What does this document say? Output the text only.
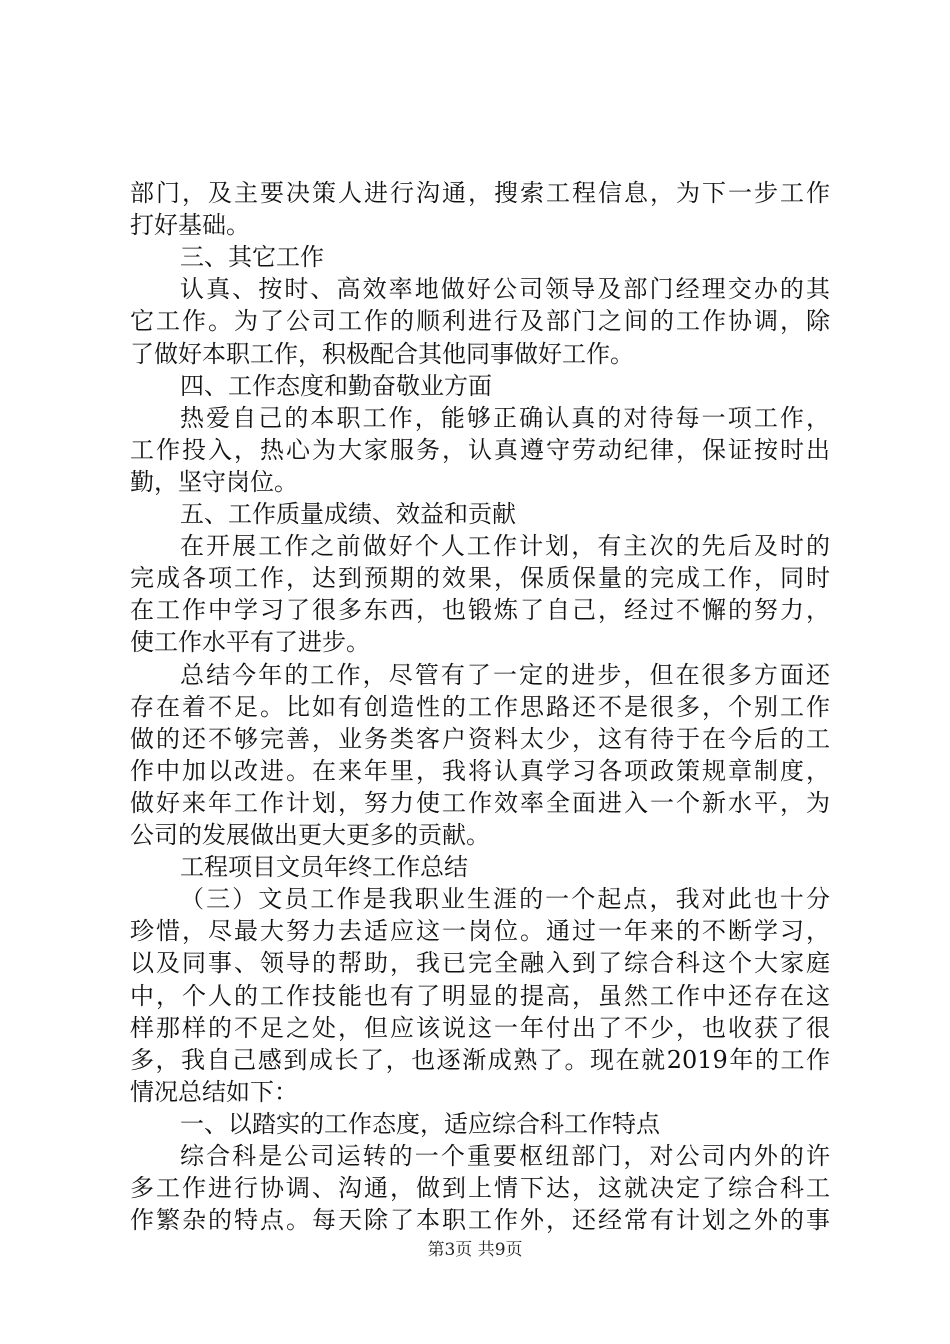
部门，及主要决策人进行沟通，搜索工程信息，为下一步工作
打好基础。
三、其它工作
认真、按时、高效率地做好公司领导及部门经理交办的其
它工作。为了公司工作的顺利进行及部门之间的工作协调，除
了做好本职工作，积极配合其他同事做好工作。
四、工作态度和勤奋敬业方面
热爱自己的本职工作，能够正确认真的对待每一项工作，
工作投入，热心为大家服务，认真遵守劳动纪律，保证按时出
勤，坚守岗位。
五、工作质量成绩、效益和贡献
在开展工作之前做好个人工作计划，有主次的先后及时的
完成各项工作，达到预期的效果，保质保量的完成工作，同时
在工作中学习了很多东西，也锻炼了自己，经过不懈的努力，
使工作水平有了进步。
总结今年的工作，尽管有了一定的进步，但在很多方面还
存在着不足。比如有创造性的工作思路还不是很多，个别工作
做的还不够完善，业务类客户资料太少，这有待于在今后的工
作中加以改进。在来年里，我将认真学习各项政策规章制度，
做好来年工作计划，努力使工作效率全面进入一个新水平，为
公司的发展做出更大更多的贡献。
工程项目文员年终工作总结
（三）文员工作是我职业生涯的一个起点，我对此也十分
珍惜，尽最大努力去适应这一岗位。通过一年来的不断学习，
以及同事、领导的帮助，我已完全融入到了综合科这个大家庭
中，个人的工作技能也有了明显的提高，虽然工作中还存在这
样那样的不足之处，但应该说这一年付出了不少，也收获了很
多，我自己感到成长了，也逐渐成熟了。现在就2019年的工作
情况总结如下：
一、以踏实的工作态度，适应综合科工作特点
综合科是公司运转的一个重要枢纽部门，对公司内外的许
多工作进行协调、沟通，做到上情下达，这就决定了综合科工
作繁杂的特点。每天除了本职工作外，还经常有计划之外的事
第3页 共9页
